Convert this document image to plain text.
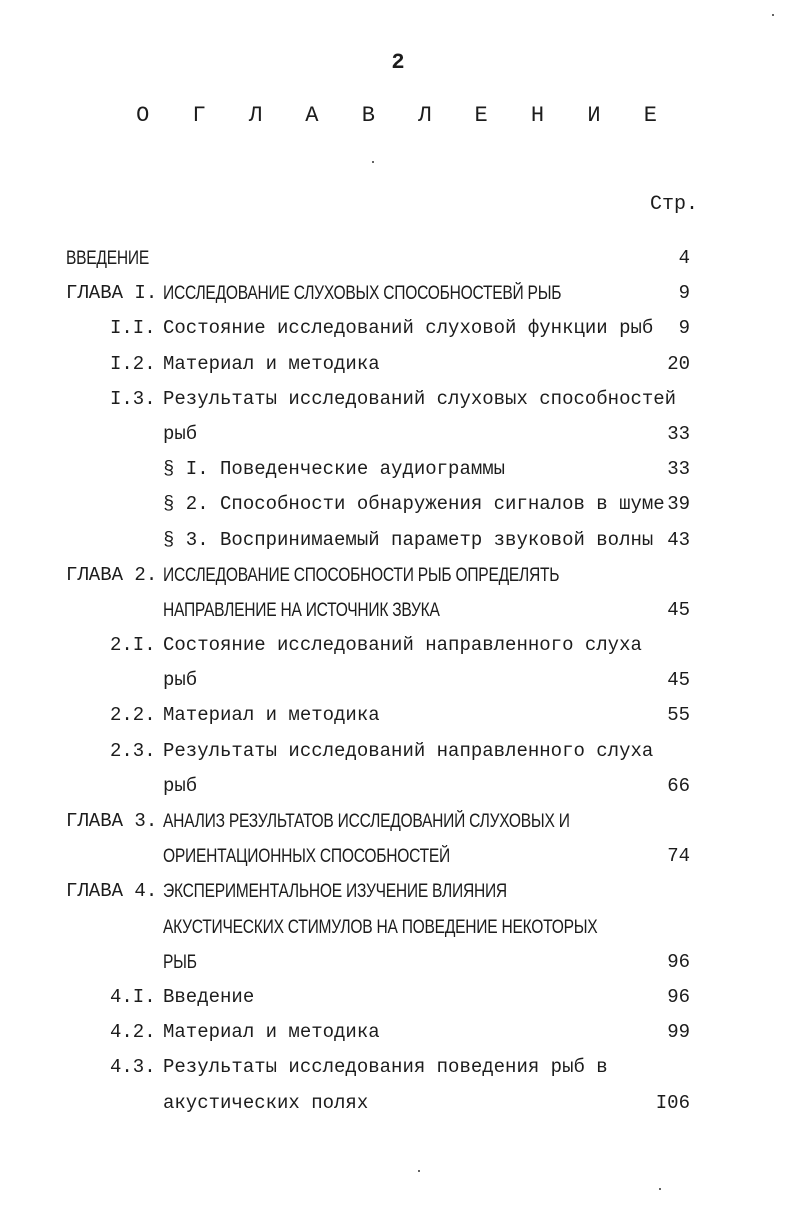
2
О Г Л А В Л Е Н И Е
Стр.
ВВЕДЕНИЕ	4
ГЛАВА I. ИССЛЕДОВАНИЕ СЛУХОВЫХ СПОСОБНОСТЕВЙ РЫБ	9
I.I. Состояние исследований слуховой функции рыб 9
I.2. Материал и методика	20
I.3. Результаты исследований слуховых способностей
рыб	33
§ I. Поведенческие аудиограммы	33
§ 2. Способности обнаружения сигналов в шуме 39
§ 3. Воспринимаемый параметр звуковой волны 43
ГЛАВА 2. ИССЛЕДОВАНИЕ СПОСОБНОСТИ РЫБ ОПРЕДЕЛЯТЬ
НАПРАВЛЕНИЕ НА ИСТОЧНИК ЗВУКА	45
2.I. Состояние исследований направленного слуха
рыб	45
2.2. Материал и методика	55
2.3. Результаты исследований направленного слуха
рыб	66
ГЛАВА 3. АНАЛИЗ РЕЗУЛЬТАТОВ ИССЛЕДОВАНИЙ СЛУХОВЫХ И
ОРИЕНТАЦИОННЫХ СПОСОБНОСТЕЙ	74
ГЛАВА 4. ЭКСПЕРИМЕНТАЛЬНОЕ ИЗУЧЕНИЕ ВЛИЯНИЯ
АКУСТИЧЕСКИХ СТИМУЛОВ НА ПОВЕДЕНИЕ НЕКОТОРЫХ
РЫБ	96
4.I. Введение	96
4.2. Материал и методика	99
4.3. Результаты исследования поведения рыб в
акустических полях	I06
